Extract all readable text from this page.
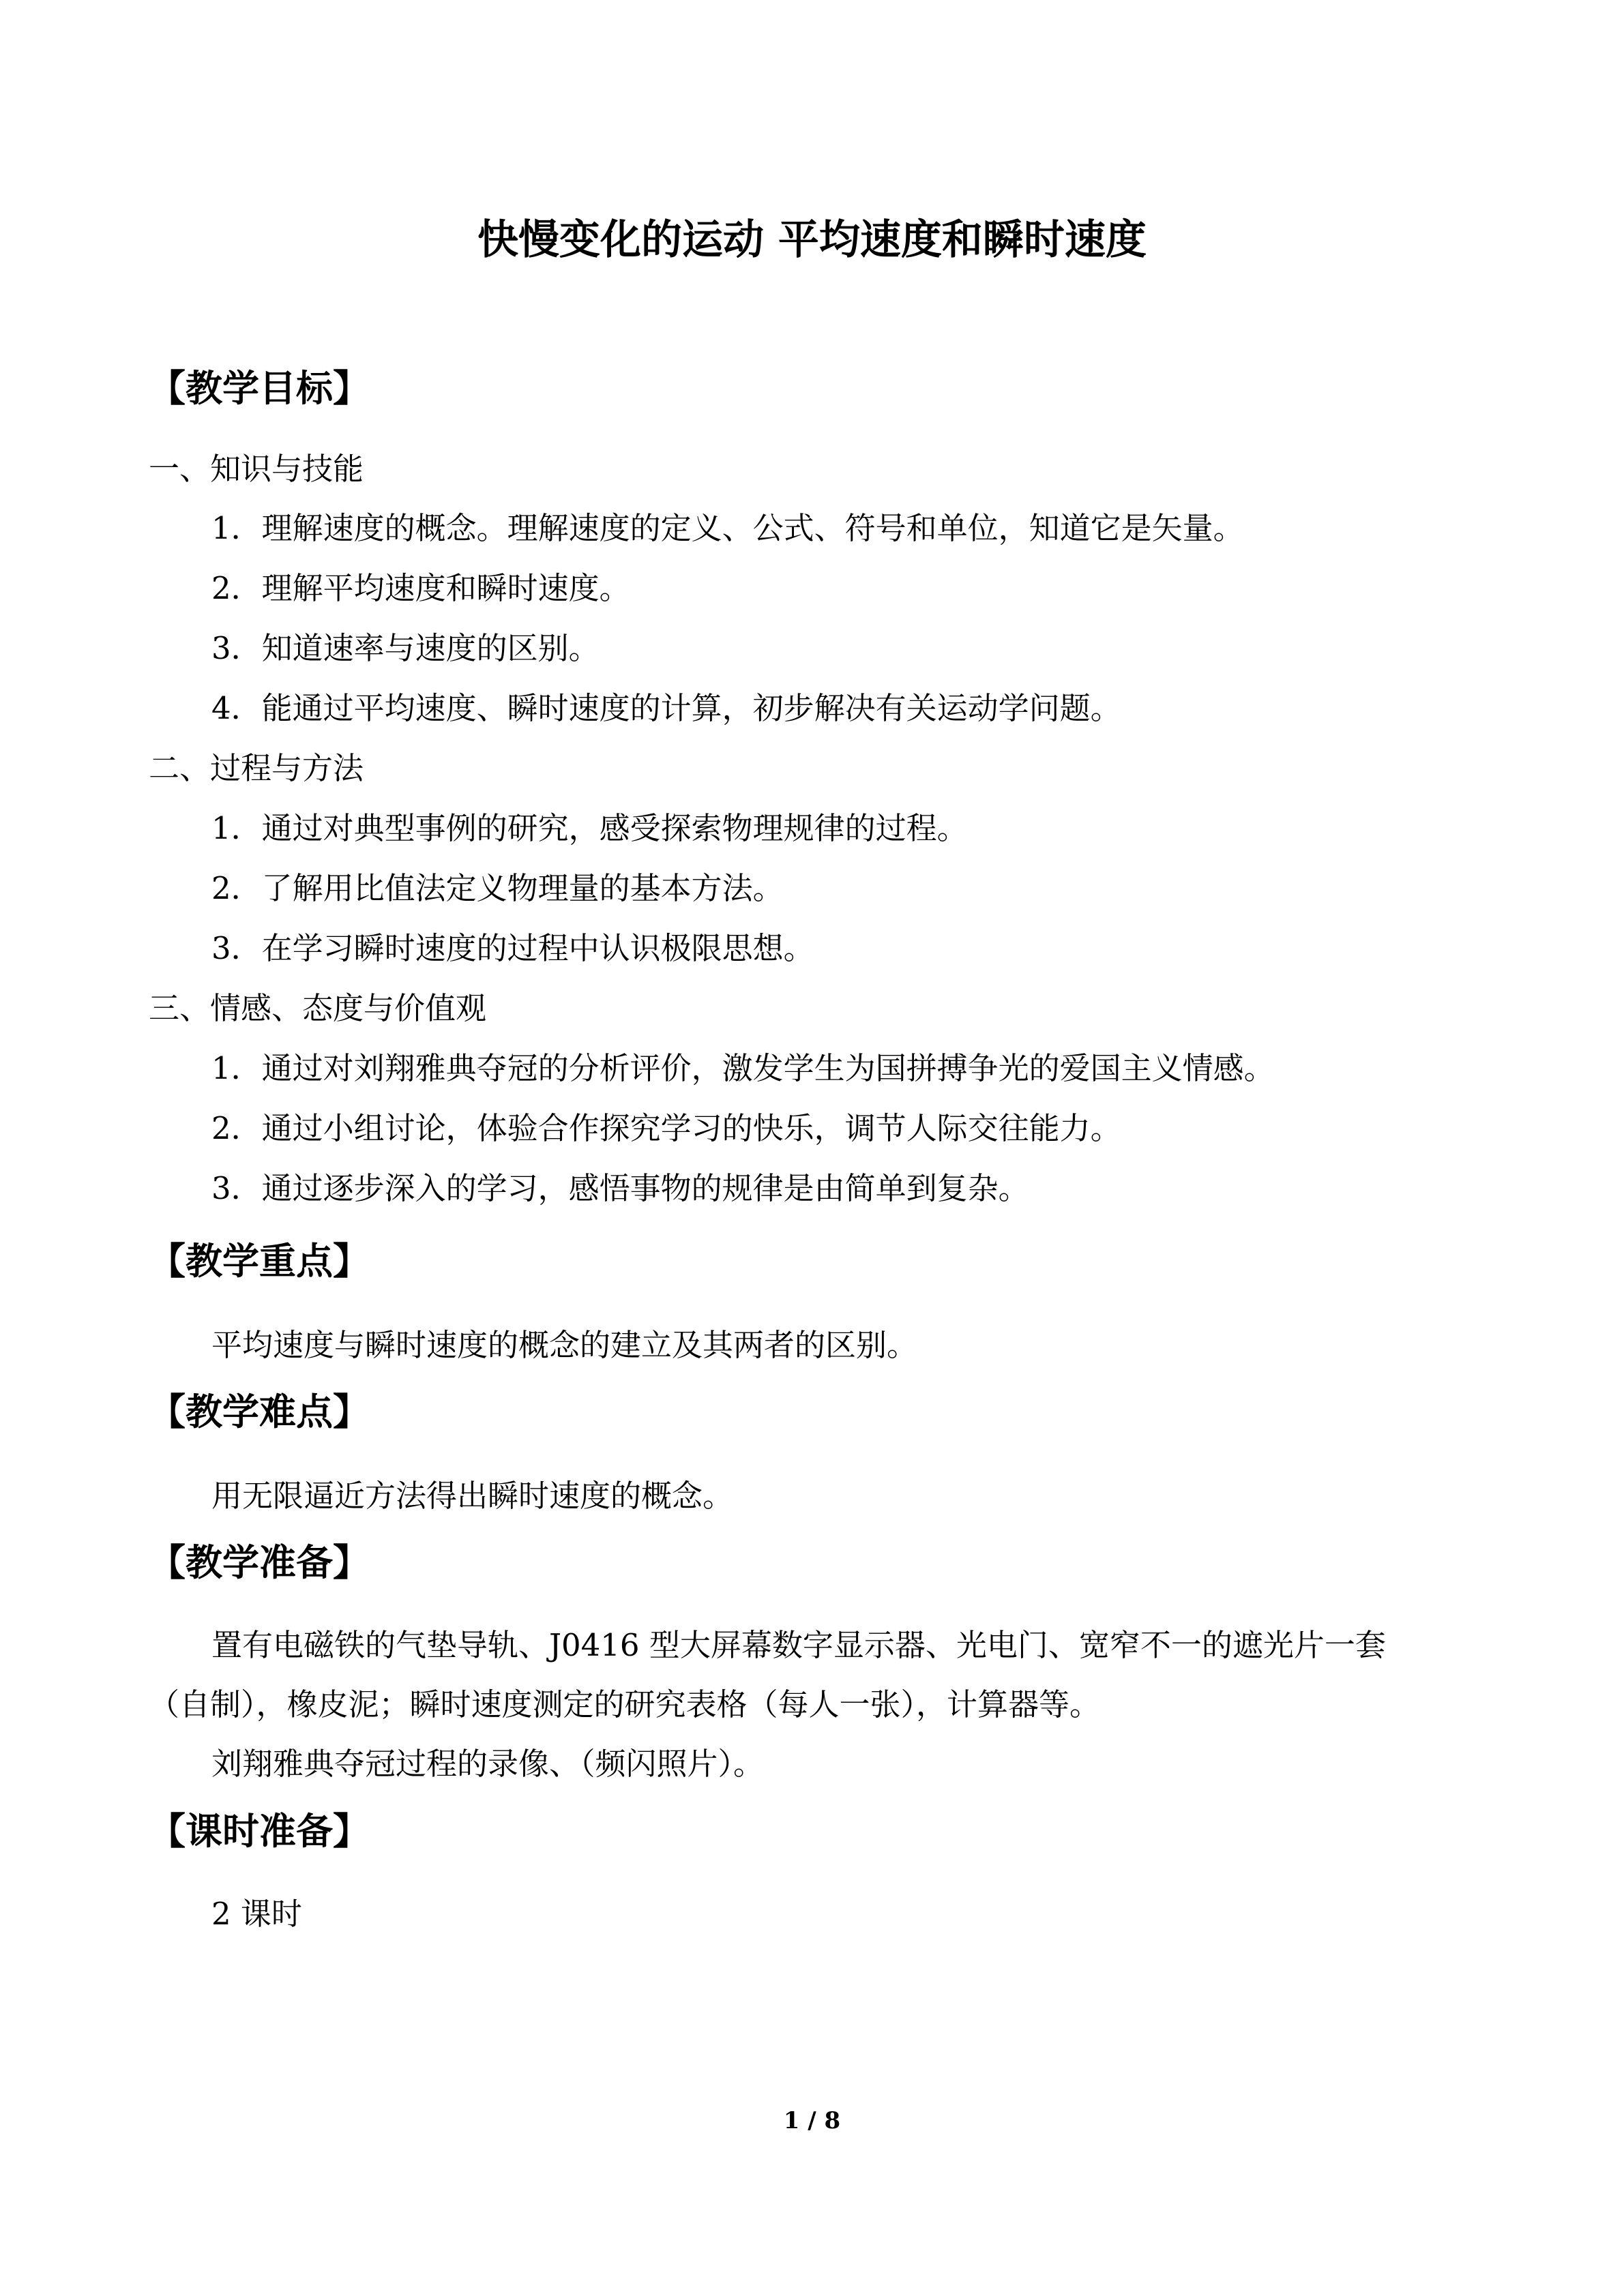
快慢变化的运动 平均速度和瞬时速度
【教学目标】
一、知识与技能
1．理解速度的概念。理解速度的定义、公式、符号和单位，知道它是矢量。
2．理解平均速度和瞬时速度。
3．知道速率与速度的区别。
4．能通过平均速度、瞬时速度的计算，初步解决有关运动学问题。
二、过程与方法
1．通过对典型事例的研究，感受探索物理规律的过程。
2．了解用比值法定义物理量的基本方法。
3．在学习瞬时速度的过程中认识极限思想。
三、情感、态度与价值观
1．通过对刘翔雅典夺冠的分析评价，激发学生为国拼搏争光的爱国主义情感。
2．通过小组讨论，体验合作探究学习的快乐，调节人际交往能力。
3．通过逐步深入的学习，感悟事物的规律是由简单到复杂。
【教学重点】
平均速度与瞬时速度的概念的建立及其两者的区别。
【教学难点】
用无限逼近方法得出瞬时速度的概念。
【教学准备】
置有电磁铁的气垫导轨、J0416 型大屏幕数字显示器、光电门、宽窄不一的遮光片一套
（自制），橡皮泥；瞬时速度测定的研究表格（每人一张），计算器等。
刘翔雅典夺冠过程的录像、（频闪照片）。
【课时准备】
2 课时
1 / 8
